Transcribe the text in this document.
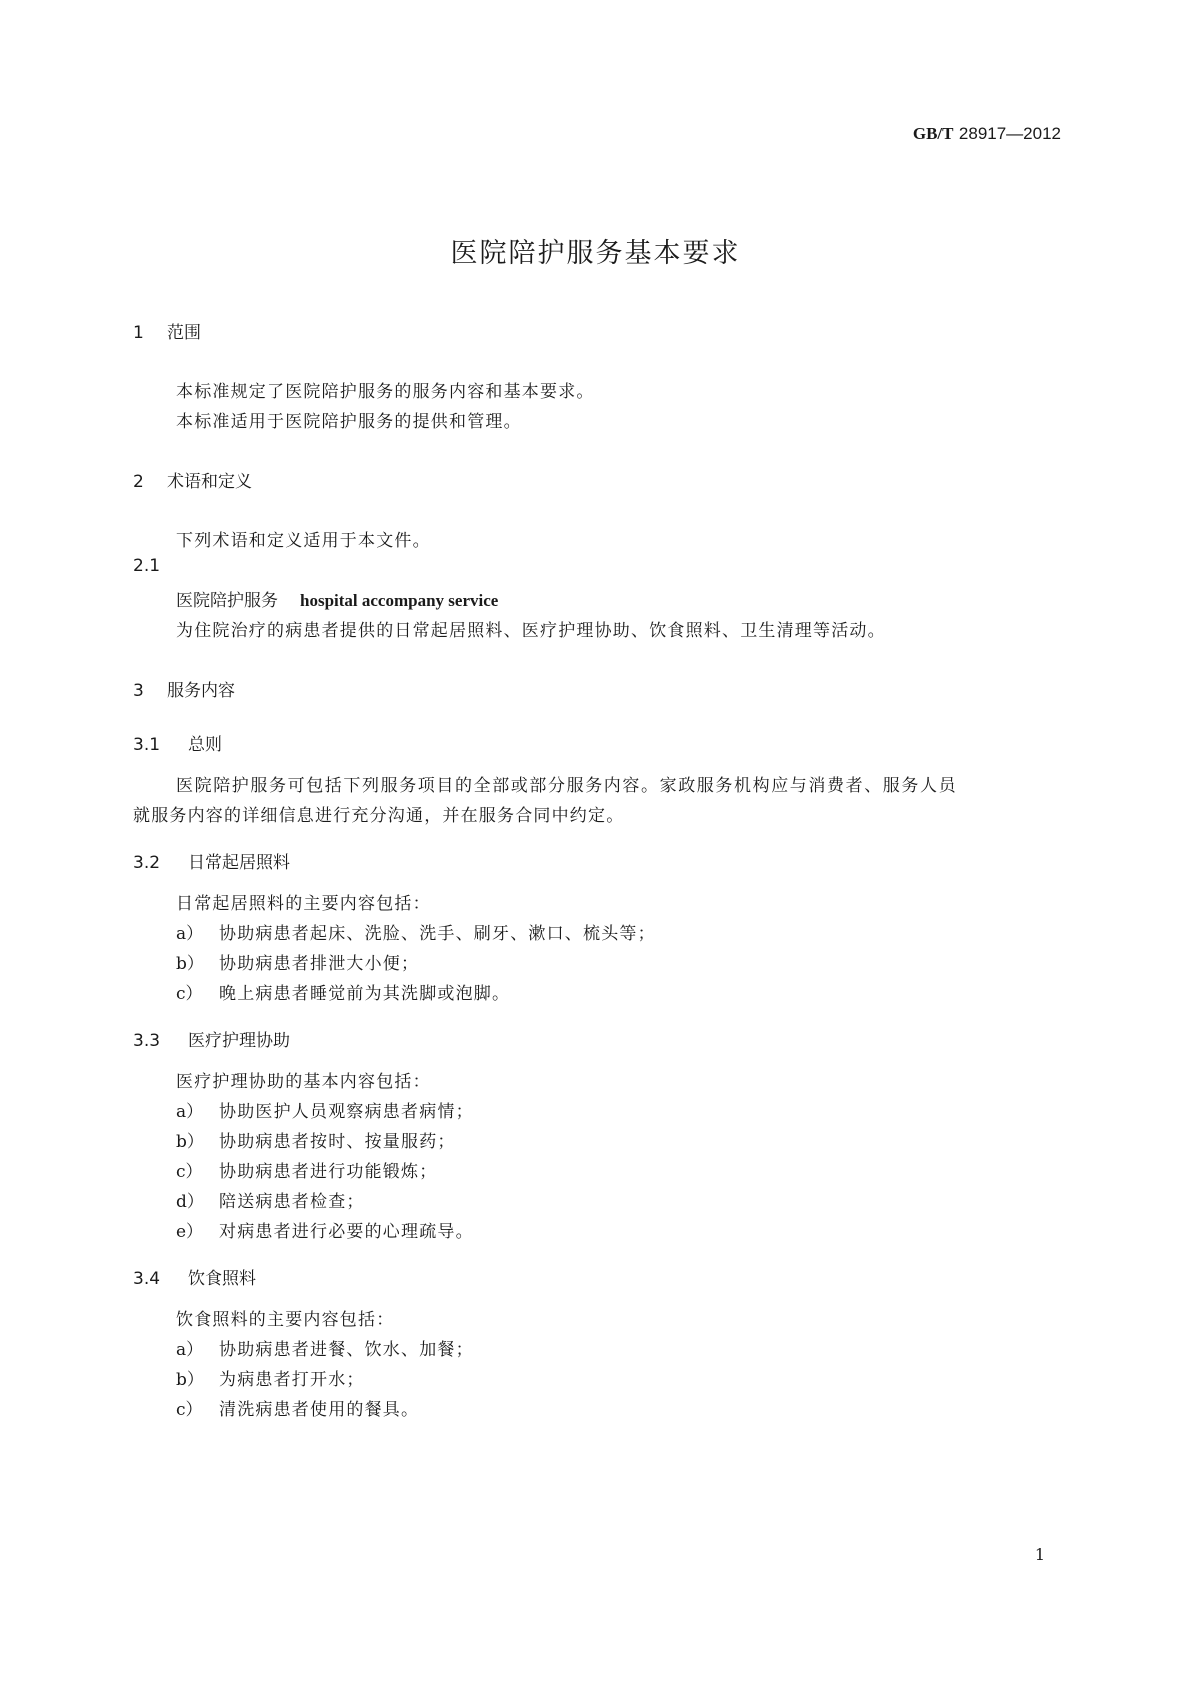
GB/T 28917—2012
医院陪护服务基本要求
1 范围
本标准规定了医院陪护服务的服务内容和基本要求。
本标准适用于医院陪护服务的提供和管理。
2 术语和定义
下列术语和定义适用于本文件。
2.1
医院陪护服务 hospital accompany service
为住院治疗的病患者提供的日常起居照料、医疗护理协助、饮食照料、卫生清理等活动。
3 服务内容
3.1 总则
医院陪护服务可包括下列服务项目的全部或部分服务内容。家政服务机构应与消费者、服务人员
就服务内容的详细信息进行充分沟通，并在服务合同中约定。
3.2 日常起居照料
日常起居照料的主要内容包括：
a） 协助病患者起床、洗脸、洗手、刷牙、漱口、梳头等；
b） 协助病患者排泄大小便；
c） 晚上病患者睡觉前为其洗脚或泡脚。
3.3 医疗护理协助
医疗护理协助的基本内容包括：
a） 协助医护人员观察病患者病情；
b） 协助病患者按时、按量服药；
c） 协助病患者进行功能锻炼；
d） 陪送病患者检查；
e） 对病患者进行必要的心理疏导。
3.4 饮食照料
饮食照料的主要内容包括：
a） 协助病患者进餐、饮水、加餐；
b） 为病患者打开水；
c） 清洗病患者使用的餐具。
1
